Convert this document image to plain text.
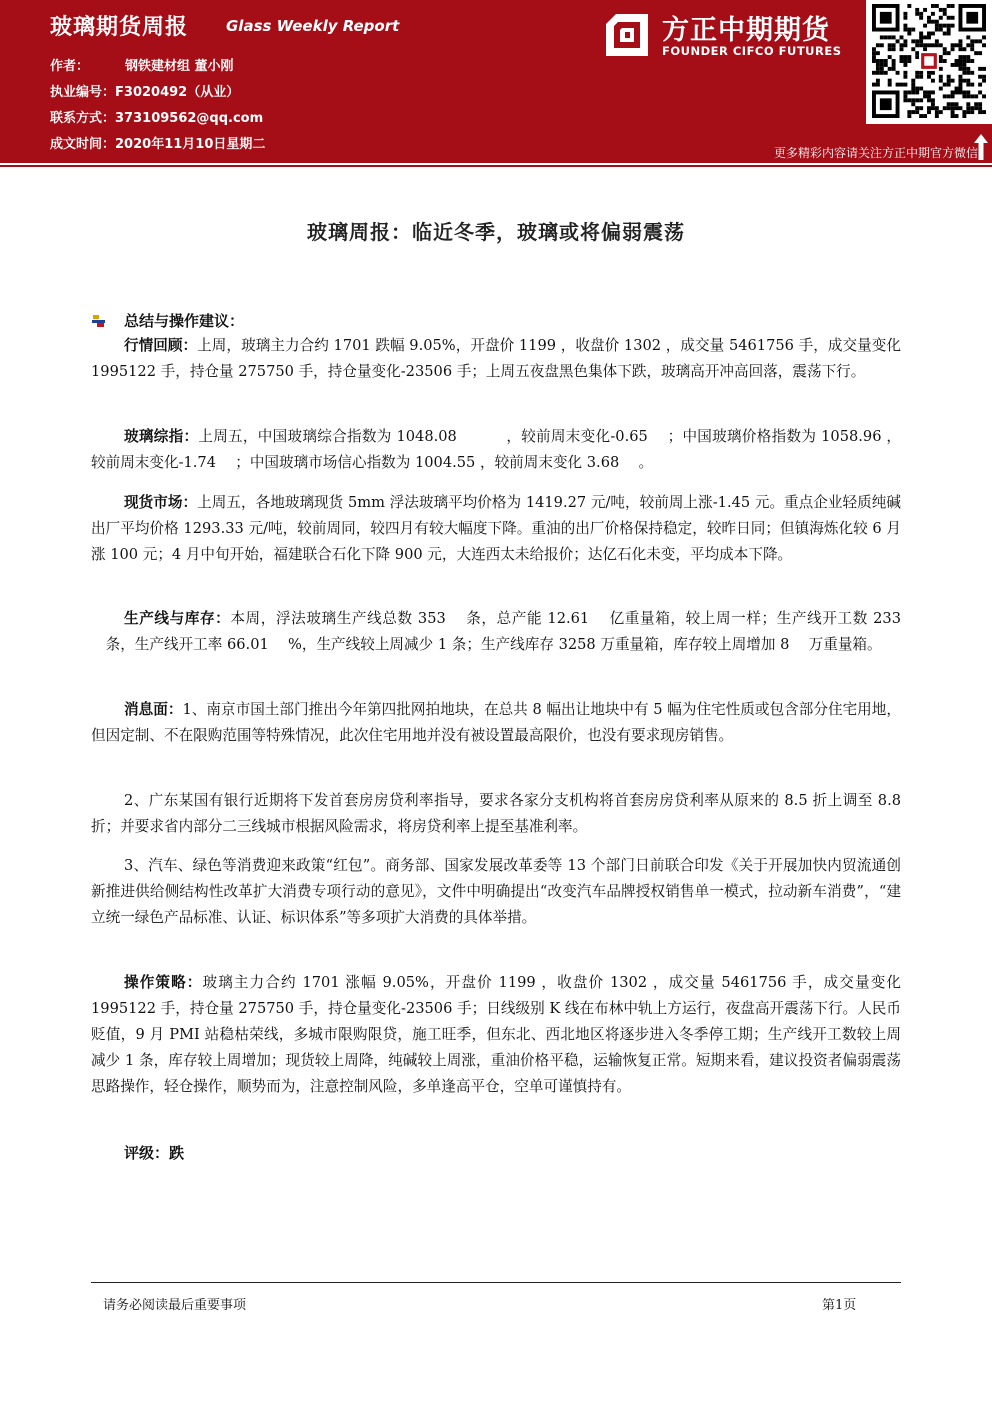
玻璃期货周报	Glass Weekly Report
作者：	钢铁建材组 董小刚
执业编号：F3020492（从业）
联系方式：373109562@qq.com
成文时间：2020年11月10日星期二
方正中期期货
FOUNDER CIFCO FUTURES
更多精彩内容请关注方正中期官方微信
玻璃周报：临近冬季，玻璃或将偏弱震荡
总结与操作建议：
行情回顾：上周，玻璃主力合约 1701 跌幅 9.05%，开盘价 1199 ，收盘价 1302 ，成交量 5461756 手，成交量变化 1995122 手，持仓量 275750 手，持仓量变化-23506 手；上周五夜盘黑色集体下跌，玻璃高开冲高回落，震荡下行。
玻璃综指：上周五，中国玻璃综合指数为 1048.08 　　　，较前周末变化-0.65 　；中国玻璃价格指数为 1058.96 ，较前周末变化-1.74 　；中国玻璃市场信心指数为 1004.55 ，较前周末变化 3.68 　。
现货市场：上周五，各地玻璃现货 5mm 浮法玻璃平均价格为 1419.27 元/吨，较前周上涨-1.45 元。重点企业轻质纯碱出厂平均价格 1293.33 元/吨，较前周同，较四月有较大幅度下降。重油的出厂价格保持稳定，较昨日同；但镇海炼化较 6 月涨 100 元；4 月中旬开始，福建联合石化下降 900 元，大连西太未给报价；达亿石化未变，平均成本下降。
生产线与库存：本周，浮法玻璃生产线总数 353 　条，总产能 12.61 　亿重量箱，较上周一样；生产线开工数 233 　条，生产线开工率 66.01 　%，生产线较上周减少 1 条；生产线库存 3258 万重量箱，库存较上周增加 8 　万重量箱。
消息面：1、南京市国土部门推出今年第四批网拍地块，在总共 8 幅出让地块中有 5 幅为住宅性质或包含部分住宅用地，但因定制、不在限购范围等特殊情况，此次住宅用地并没有被设置最高限价，也没有要求现房销售。
2、广东某国有银行近期将下发首套房房贷利率指导，要求各家分支机构将首套房房贷利率从原来的 8.5 折上调至 8.8 折；并要求省内部分二三线城市根据风险需求，将房贷利率上提至基准利率。
3、汽车、绿色等消费迎来政策“红包”。商务部、国家发展改革委等 13 个部门日前联合印发《关于开展加快内贸流通创新推进供给侧结构性改革扩大消费专项行动的意见》，文件中明确提出“改变汽车品牌授权销售单一模式，拉动新车消费”，“建立统一绿色产品标准、认证、标识体系”等多项扩大消费的具体举措。
操作策略：玻璃主力合约 1701 涨幅 9.05%，开盘价 1199 ，收盘价 1302 ，成交量 5461756 手，成交量变化 1995122 手，持仓量 275750 手，持仓量变化-23506 手；日线级别 K 线在布林中轨上方运行，夜盘高开震荡下行。人民币贬值，9 月 PMI 站稳枯荣线，多城市限购限贷，施工旺季，但东北、西北地区将逐步进入冬季停工期；生产线开工数较上周减少 1 条，库存较上周增加；现货较上周降，纯碱较上周涨，重油价格平稳，运输恢复正常。短期来看，建议投资者偏弱震荡思路操作，轻仓操作，顺势而为，注意控制风险，多单逢高平仓，空单可谨慎持有。
评级：跌
请务必阅读最后重要事项	第1页
